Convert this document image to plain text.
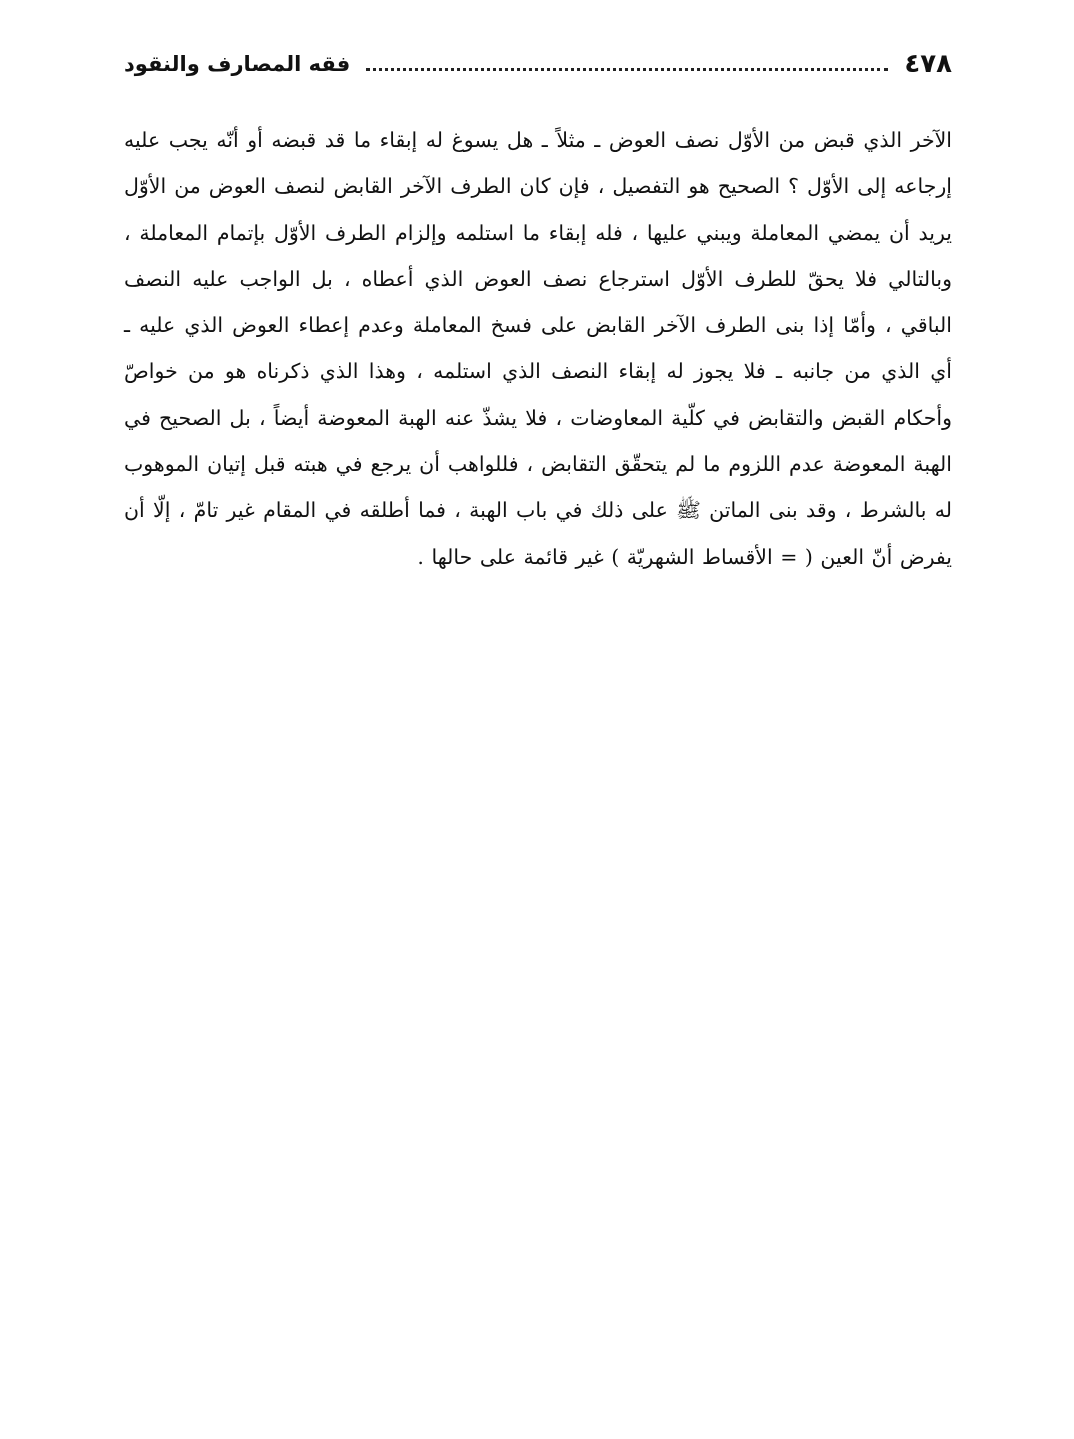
٤٧٨
فقه المصارف والنقود

الآخر الذي قبض من الأوّل نصف العوض ـ مثلاً ـ هل يسوغ له إبقاء ما قد قبضه أو أنّه يجب عليه إرجاعه إلى الأوّل ؟ الصحيح هو التفصيل ، فإن كان الطرف الآخر القابض لنصف العوض من الأوّل يريد أن يمضي المعاملة ويبني عليها ، فله إبقاء ما استلمه وإلزام الطرف الأوّل بإتمام المعاملة ، وبالتالي فلا يحقّ للطرف الأوّل استرجاع نصف العوض الذي أعطاه ، بل الواجب عليه النصف الباقي ، وأمّا إذا بنى الطرف الآخر القابض على فسخ المعاملة وعدم إعطاء العوض الذي عليه ـ أي الذي من جانبه ـ فلا يجوز له إبقاء النصف الذي استلمه ، وهذا الذي ذكرناه هو من خواصّ وأحكام القبض والتقابض في كلّية المعاوضات ، فلا يشذّ عنه الهبة المعوضة أيضاً ، بل الصحيح في الهبة المعوضة عدم اللزوم ما لم يتحقّق التقابض ، فللواهب أن يرجع في هبته قبل إتيان الموهوب له بالشرط ، وقد بنى الماتن ﷺ على ذلك في باب الهبة ، فما أطلقه في المقام غير تامّ ، إلّا أن يفرض أنّ العين ( = الأقساط الشهريّة ) غير قائمة على حالها .
